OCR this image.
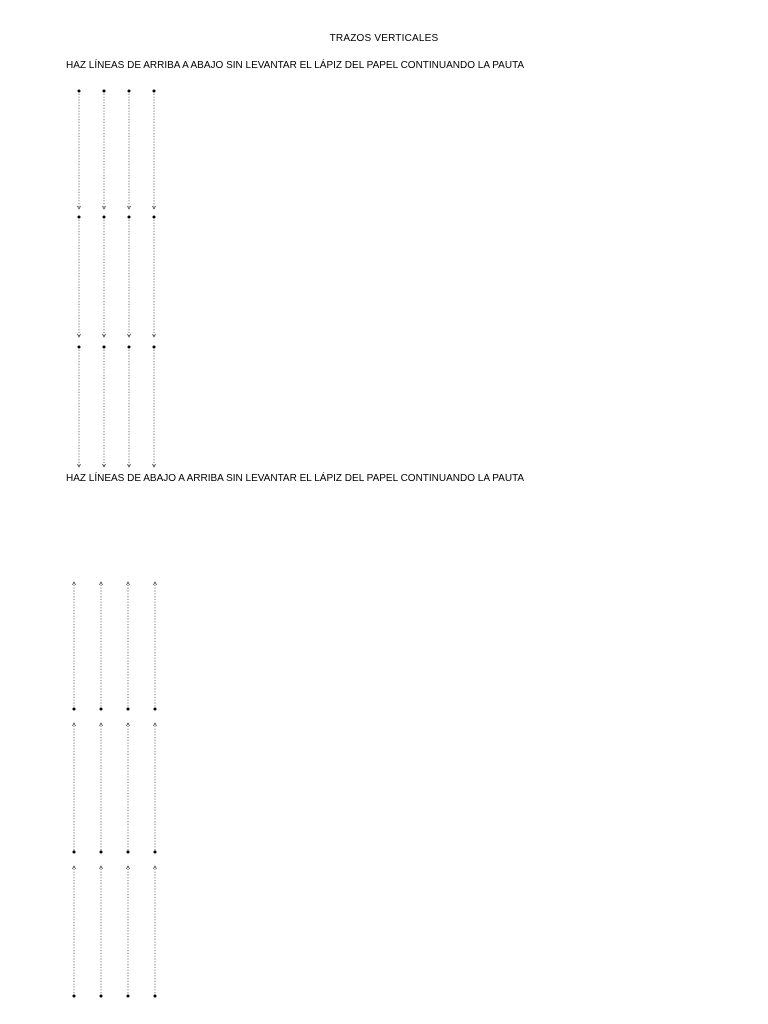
TRAZOS VERTICALES
HAZ LÍNEAS DE ARRIBA A ABAJO SIN LEVANTAR EL LÁPIZ DEL PAPEL CONTINUANDO LA PAUTA
HAZ LÍNEAS DE ABAJO A ARRIBA SIN LEVANTAR EL LÁPIZ DEL PAPEL CONTINUANDO LA PAUTA
